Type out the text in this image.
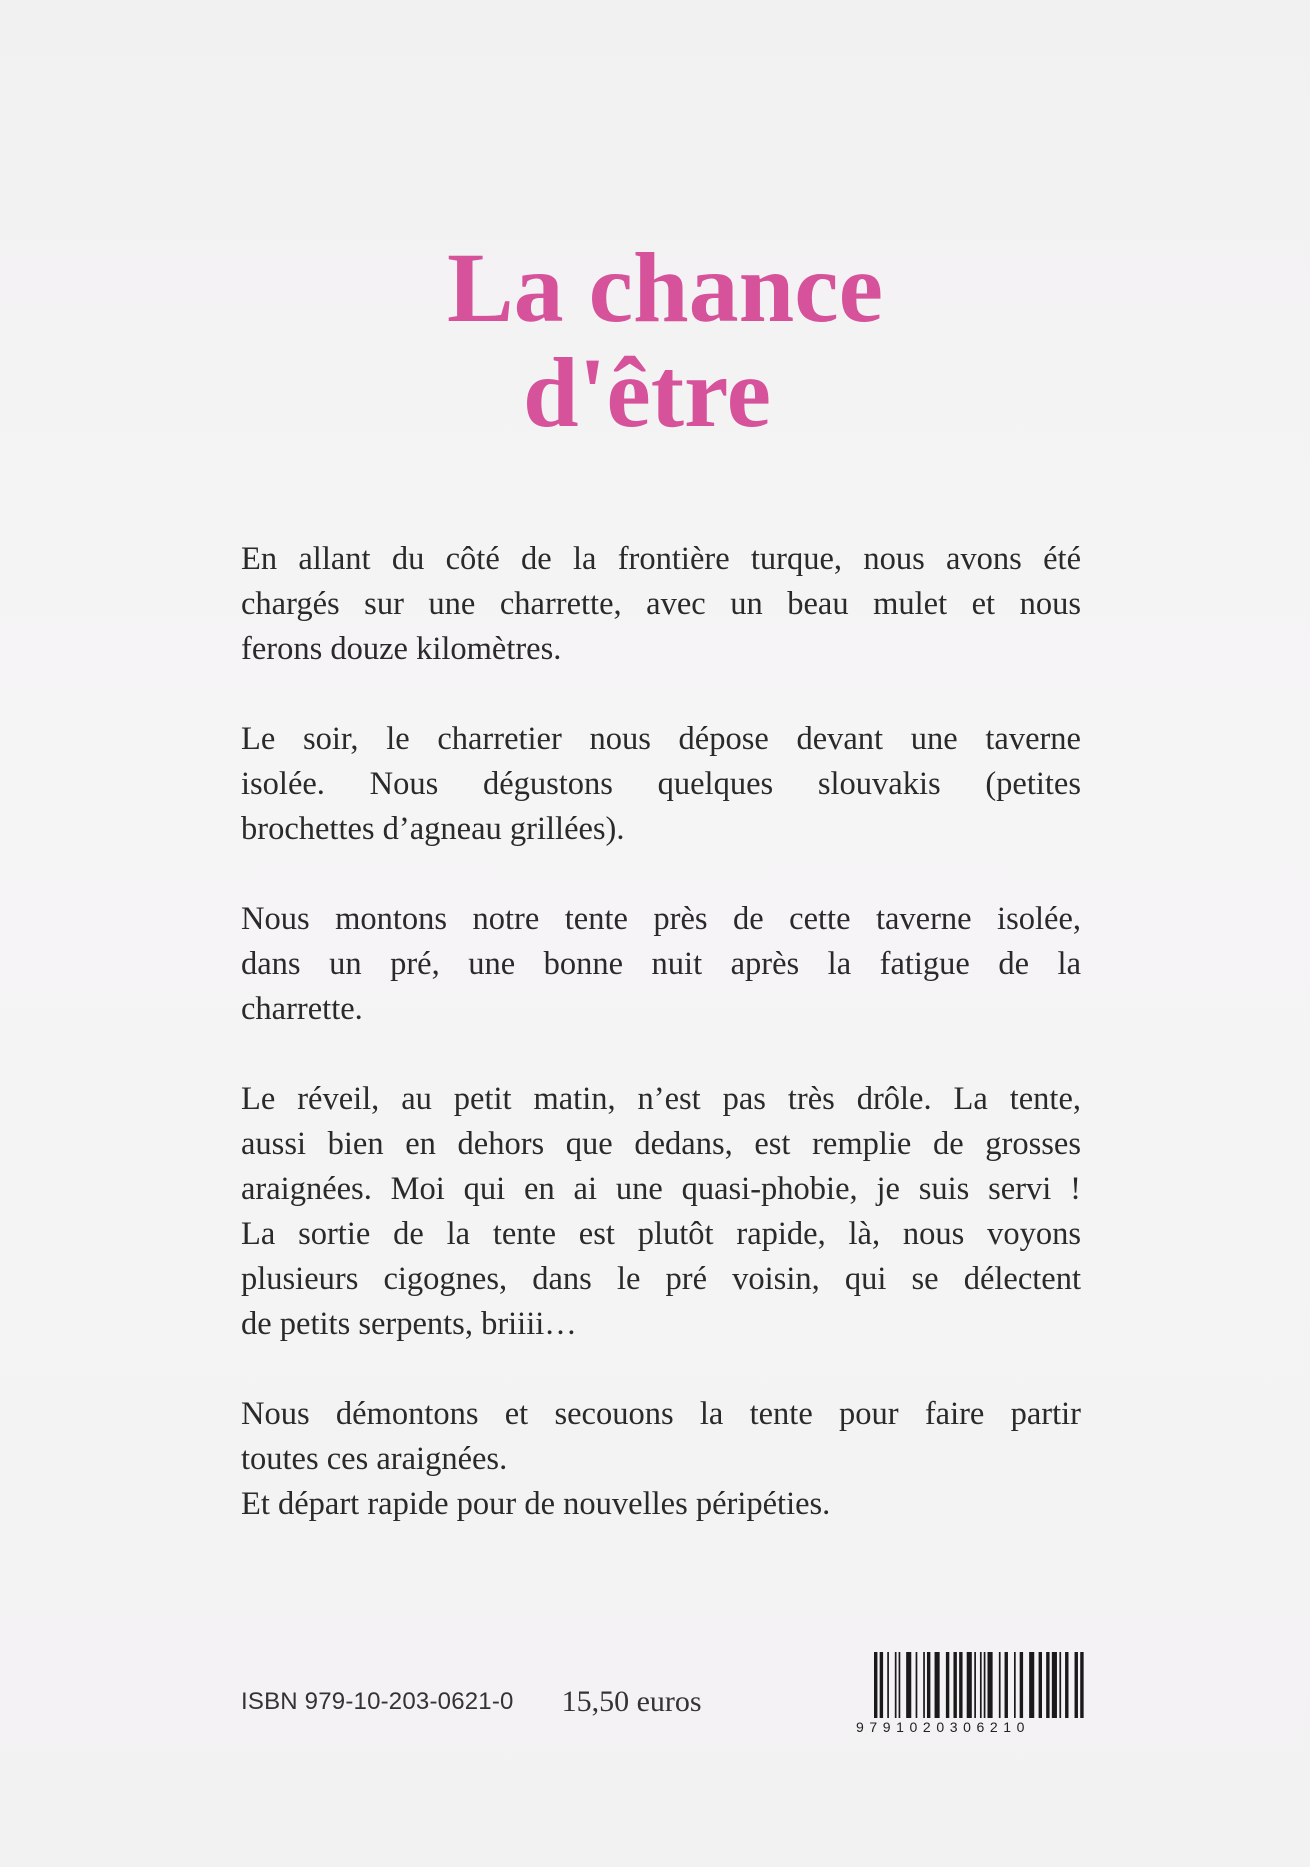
La chance
d'être

En allant du côté de la frontière turque, nous avons été
chargés sur une charrette, avec un beau mulet et nous
ferons douze kilomètres.

Le soir, le charretier nous dépose devant une taverne
isolée. Nous dégustons quelques slouvakis (petites
brochettes d’agneau grillées).

Nous montons notre tente près de cette taverne isolée,
dans un pré, une bonne nuit après la fatigue de la
charrette.

Le réveil, au petit matin, n’est pas très drôle. La tente,
aussi bien en dehors que dedans, est remplie de grosses
araignées. Moi qui en ai une quasi-phobie, je suis servi !
La sortie de la tente est plutôt rapide, là, nous voyons
plusieurs cigognes, dans le pré voisin, qui se délectent
de petits serpents, briiii…

Nous démontons et secouons la tente pour faire partir
toutes ces araignées.
Et départ rapide pour de nouvelles péripéties.

ISBN 979-10-203-0621-0 15,50 euros
9791020306210
